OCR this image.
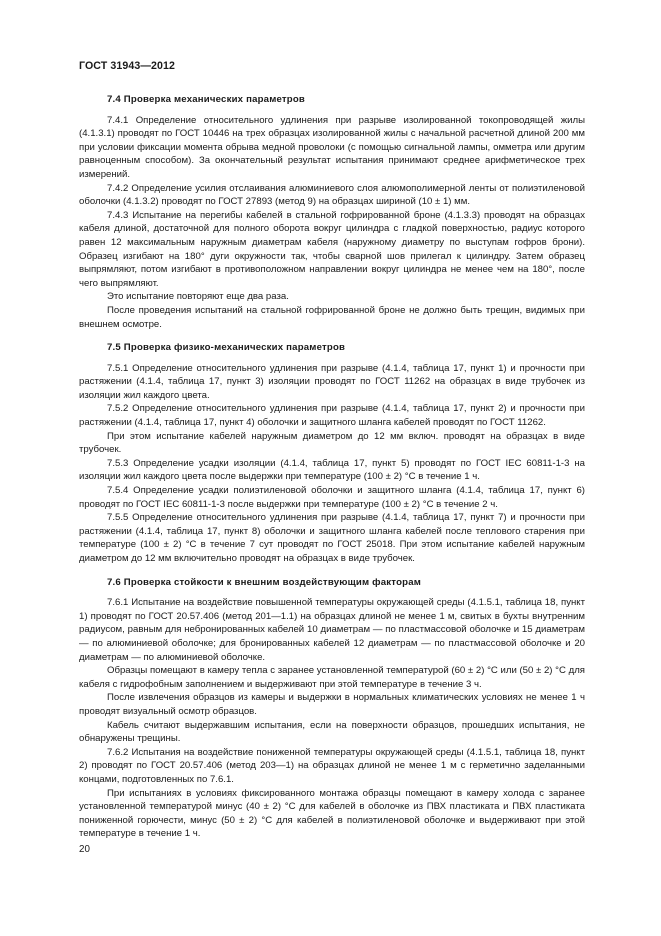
ГОСТ 31943—2012
7.4 Проверка механических параметров

7.4.1 Определение относительного удлинения при разрыве изолированной токопроводящей жилы (4.1.3.1) проводят по ГОСТ 10446 на трех образцах изолированной жилы с начальной расчетной длиной 200 мм при условии фиксации момента обрыва медной проволоки (с помощью сигнальной лампы, омметра или другим равноценным способом). За окончательный результат испытания принимают среднее арифметическое трех измерений.

7.4.2 Определение усилия отслаивания алюминиевого слоя алюмополимерной ленты от полиэтиленовой оболочки (4.1.3.2) проводят по ГОСТ 27893 (метод 9) на образцах шириной (10 ± 1) мм.

7.4.3 Испытание на перегибы кабелей в стальной гофрированной броне (4.1.3.3) проводят на образцах кабеля длиной, достаточной для полного оборота вокруг цилиндра с гладкой поверхностью, радиус которого равен 12 максимальным наружным диаметрам кабеля (наружному диаметру по выступам гофров брони). Образец изгибают на 180° дуги окружности так, чтобы сварной шов прилегал к цилиндру. Затем образец выпрямляют, потом изгибают в противоположном направлении вокруг цилиндра не менее чем на 180°, после чего выпрямляют.

Это испытание повторяют еще два раза.

После проведения испытаний на стальной гофрированной броне не должно быть трещин, видимых при внешнем осмотре.

7.5 Проверка физико-механических параметров

7.5.1 Определение относительного удлинения при разрыве (4.1.4, таблица 17, пункт 1) и прочности при растяжении (4.1.4, таблица 17, пункт 3) изоляции проводят по ГОСТ 11262 на образцах в виде трубочек из изоляции жил каждого цвета.

7.5.2 Определение относительного удлинения при разрыве (4.1.4, таблица 17, пункт 2) и прочности при растяжении (4.1.4, таблица 17, пункт 4) оболочки и защитного шланга кабелей проводят по ГОСТ 11262.

При этом испытание кабелей наружным диаметром до 12 мм включ. проводят на образцах в виде трубочек.

7.5.3 Определение усадки изоляции (4.1.4, таблица 17, пункт 5) проводят по ГОСТ IEC 60811-1-3 на изоляции жил каждого цвета после выдержки при температуре (100 ± 2) °С в течение 1 ч.

7.5.4 Определение усадки полиэтиленовой оболочки и защитного шланга (4.1.4, таблица 17, пункт 6) проводят по ГОСТ IEC 60811-1-3 после выдержки при температуре (100 ± 2) °С в течение 2 ч.

7.5.5 Определение относительного удлинения при разрыве (4.1.4, таблица 17, пункт 7) и прочности при растяжении (4.1.4, таблица 17, пункт 8) оболочки и защитного шланга кабелей после теплового старения при температуре (100 ± 2) °С в течение 7 сут проводят по ГОСТ 25018. При этом испытание кабелей наружным диаметром до 12 мм включительно проводят на образцах в виде трубочек.

7.6 Проверка стойкости к внешним воздействующим факторам

7.6.1 Испытание на воздействие повышенной температуры окружающей среды (4.1.5.1, таблица 18, пункт 1) проводят по ГОСТ 20.57.406 (метод 201—1.1) на образцах длиной не менее 1 м, свитых в бухты внутренним радиусом, равным для небронированных кабелей 10 диаметрам — по пластмассовой оболочке и 15 диаметрам — по алюминиевой оболочке; для бронированных кабелей 12 диаметрам — по пластмассовой оболочке и 20 диаметрам — по алюминиевой оболочке.

Образцы помещают в камеру тепла с заранее установленной температурой (60 ± 2) °С или (50 ± 2) °С для кабеля с гидрофобным заполнением и выдерживают при этой температуре в течение 3 ч.

После извлечения образцов из камеры и выдержки в нормальных климатических условиях не менее 1 ч проводят визуальный осмотр образцов.

Кабель считают выдержавшим испытания, если на поверхности образцов, прошедших испытания, не обнаружены трещины.

7.6.2 Испытания на воздействие пониженной температуры окружающей среды (4.1.5.1, таблица 18, пункт 2) проводят по ГОСТ 20.57.406 (метод 203—1) на образцах длиной не менее 1 м с герметично заделанными концами, подготовленных по 7.6.1.

При испытаниях в условиях фиксированного монтажа образцы помещают в камеру холода с заранее установленной температурой минус (40 ± 2) °С для кабелей в оболочке из ПВХ пластиката и ПВХ пластиката пониженной горючести, минус (50 ± 2) °С для кабелей в полиэтиленовой оболочке и выдерживают при этой температуре в течение 1 ч.

20
